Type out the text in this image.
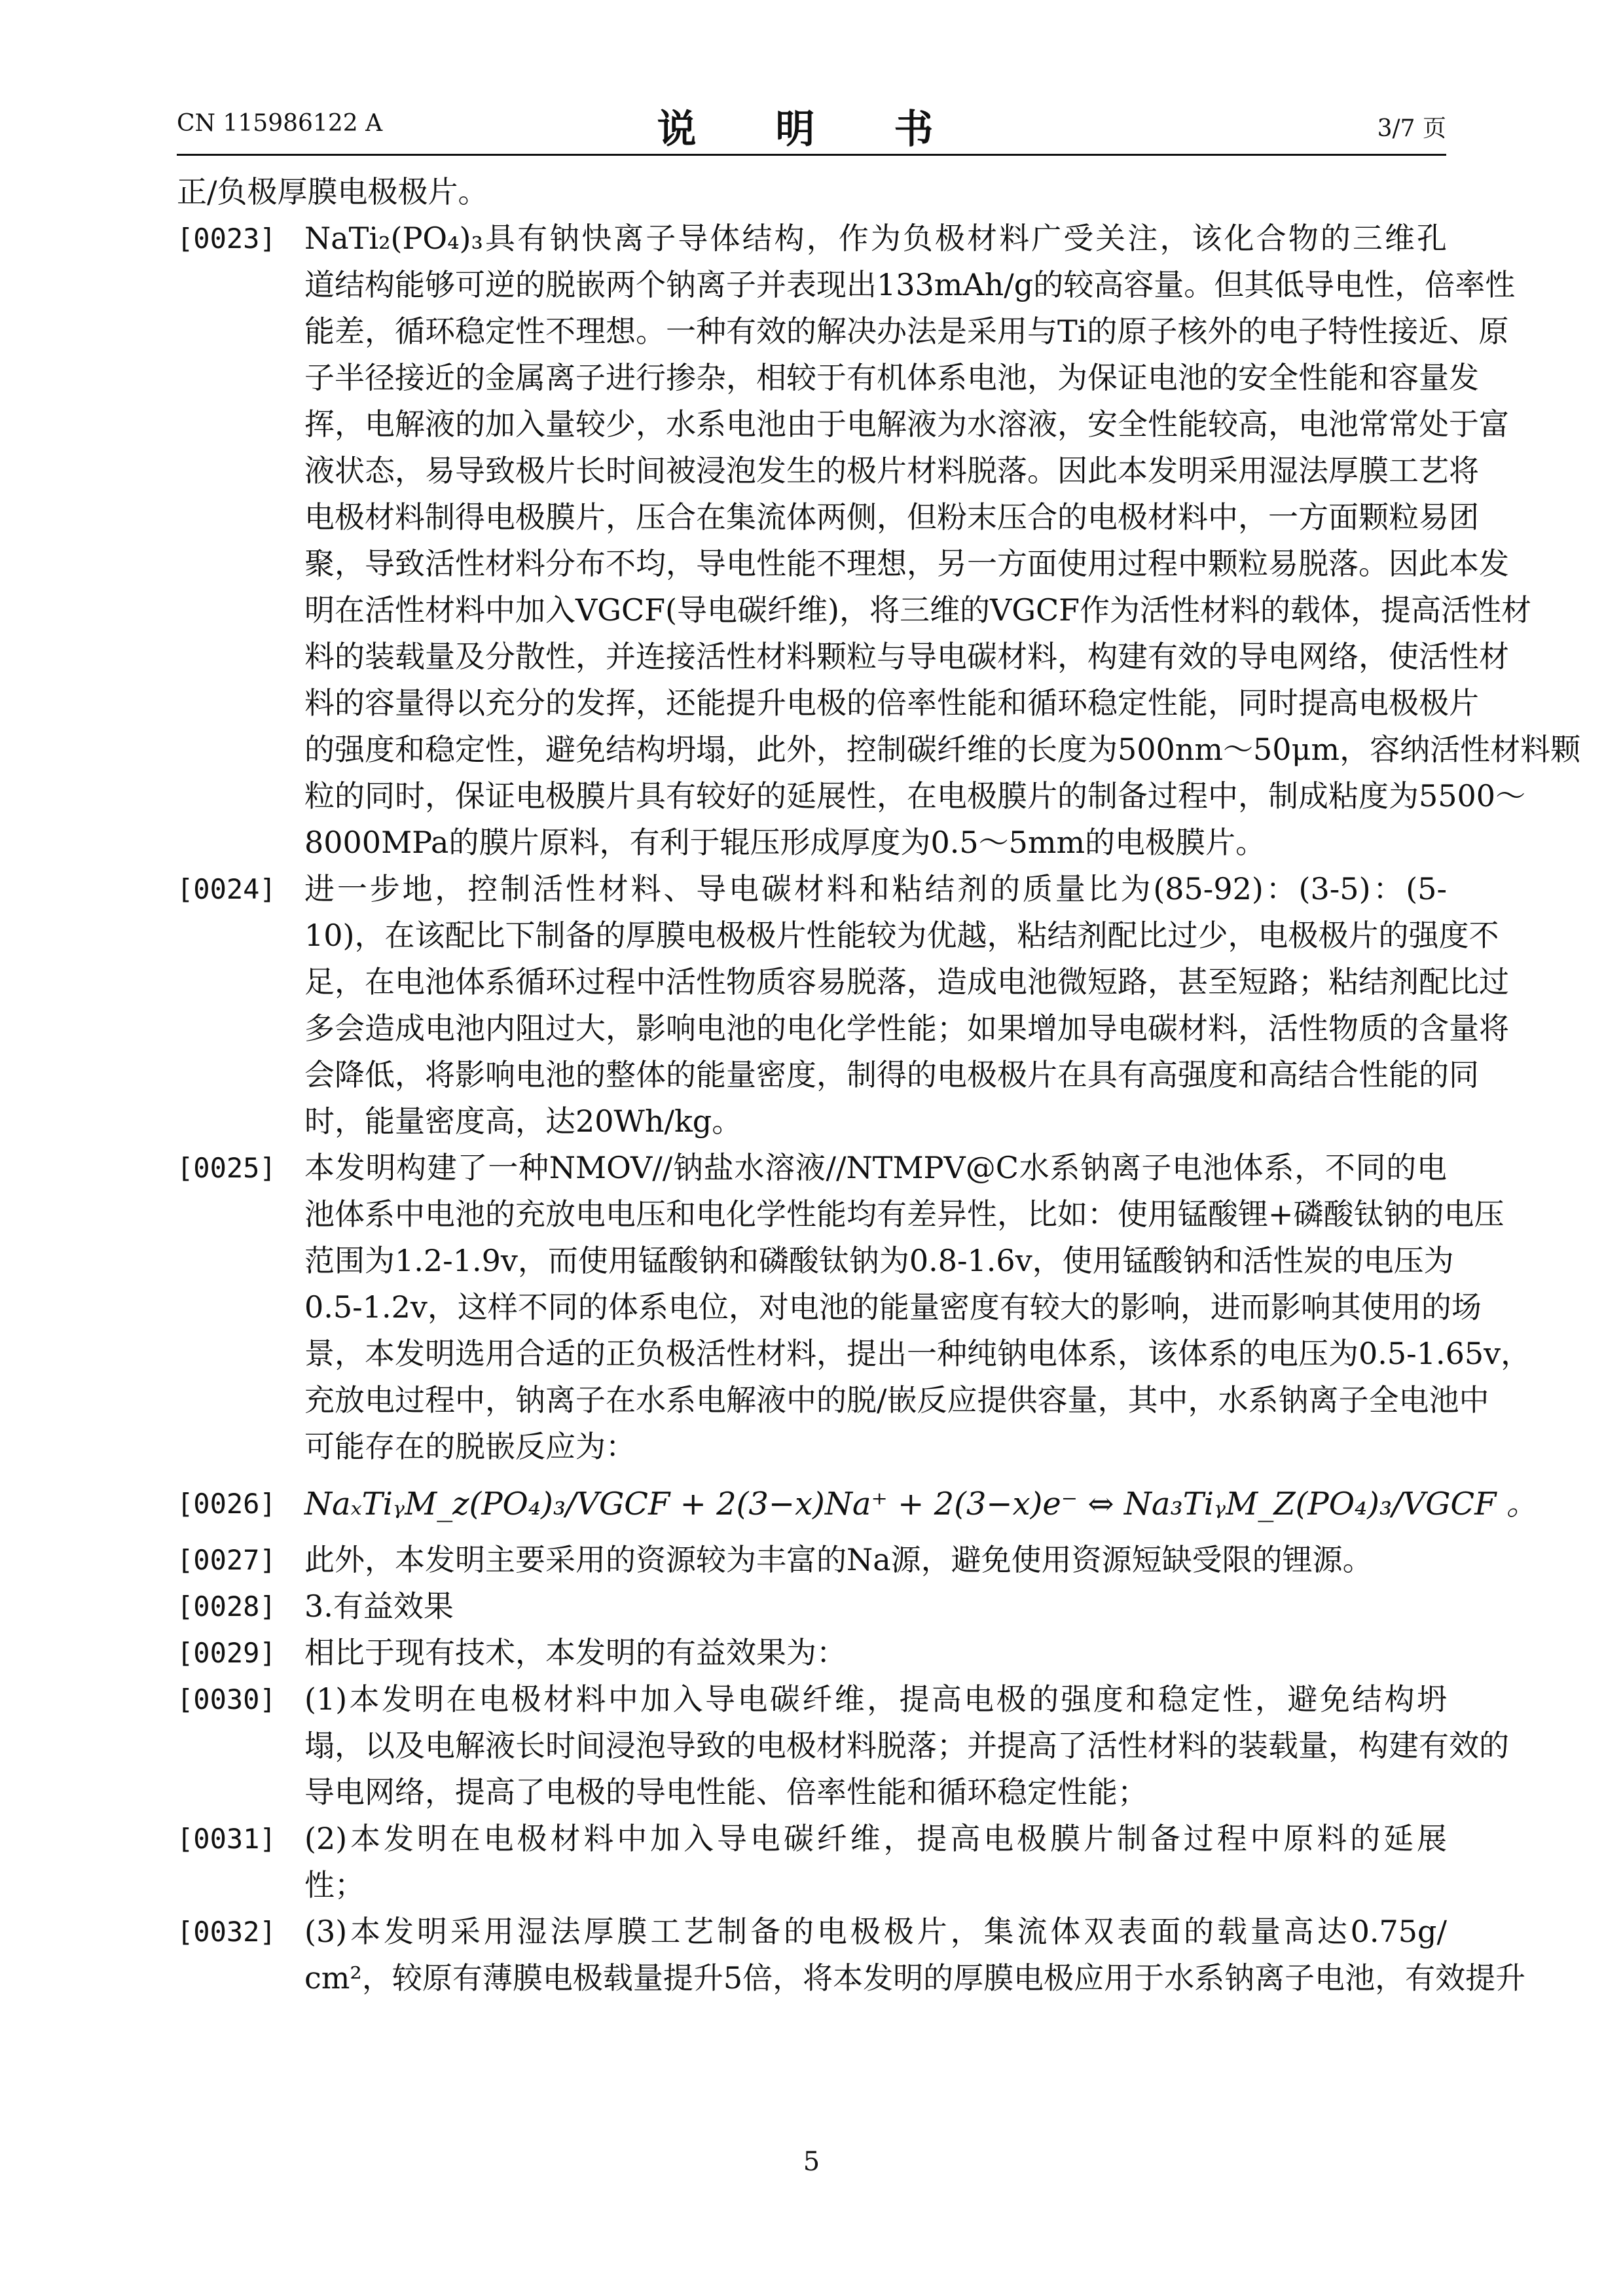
CN 115986122 A	说 明 书	3/7 页
正/负极厚膜电极极片。
[0023] NaTi₂(PO₄)₃具有钠快离子导体结构，作为负极材料广受关注，该化合物的三维孔
道结构能够可逆的脱嵌两个钠离子并表现出133mAh/g的较高容量。但其低导电性，倍率性
能差，循环稳定性不理想。一种有效的解决办法是采用与Ti的原子核外的电子特性接近、原
子半径接近的金属离子进行掺杂，相较于有机体系电池，为保证电池的安全性能和容量发
挥，电解液的加入量较少，水系电池由于电解液为水溶液，安全性能较高，电池常常处于富
液状态，易导致极片长时间被浸泡发生的极片材料脱落。因此本发明采用湿法厚膜工艺将
电极材料制得电极膜片，压合在集流体两侧，但粉末压合的电极材料中，一方面颗粒易团
聚，导致活性材料分布不均，导电性能不理想，另一方面使用过程中颗粒易脱落。因此本发
明在活性材料中加入VGCF(导电碳纤维)，将三维的VGCF作为活性材料的载体，提高活性材
料的装载量及分散性，并连接活性材料颗粒与导电碳材料，构建有效的导电网络，使活性材
料的容量得以充分的发挥，还能提升电极的倍率性能和循环稳定性能，同时提高电极极片
的强度和稳定性，避免结构坍塌，此外，控制碳纤维的长度为500nm～50μm，容纳活性材料颗
粒的同时，保证电极膜片具有较好的延展性，在电极膜片的制备过程中，制成粘度为5500～
8000MPa的膜片原料，有利于辊压形成厚度为0.5～5mm的电极膜片。
[0024] 进一步地，控制活性材料、导电碳材料和粘结剂的质量比为(85-92)：(3-5)：(5-
10)，在该配比下制备的厚膜电极极片性能较为优越，粘结剂配比过少，电极极片的强度不
足，在电池体系循环过程中活性物质容易脱落，造成电池微短路，甚至短路；粘结剂配比过
多会造成电池内阻过大，影响电池的电化学性能；如果增加导电碳材料，活性物质的含量将
会降低，将影响电池的整体的能量密度，制得的电极极片在具有高强度和高结合性能的同
时，能量密度高，达20Wh/kg。
[0025] 本发明构建了一种NMOV//钠盐水溶液//NTMPV@C水系钠离子电池体系，不同的电
池体系中电池的充放电电压和电化学性能均有差异性，比如：使用锰酸锂+磷酸钛钠的电压
范围为1.2-1.9v，而使用锰酸钠和磷酸钛钠为0.8-1.6v，使用锰酸钠和活性炭的电压为
0.5-1.2v，这样不同的体系电位，对电池的能量密度有较大的影响，进而影响其使用的场
景，本发明选用合适的正负极活性材料，提出一种纯钠电体系，该体系的电压为0.5-1.65v，
充放电过程中，钠离子在水系电解液中的脱/嵌反应提供容量，其中，水系钠离子全电池中
可能存在的脱嵌反应为：
[0026] NaₓTiᵧM_z(PO₄)₃/VGCF + 2(3−x)Na⁺ + 2(3−x)e⁻ ⇔ Na₃TiᵧM_Z(PO₄)₃/VGCF 。
[0027] 此外，本发明主要采用的资源较为丰富的Na源，避免使用资源短缺受限的锂源。
[0028] 3.有益效果
[0029] 相比于现有技术，本发明的有益效果为：
[0030] (1)本发明在电极材料中加入导电碳纤维，提高电极的强度和稳定性，避免结构坍
塌，以及电解液长时间浸泡导致的电极材料脱落；并提高了活性材料的装载量，构建有效的
导电网络，提高了电极的导电性能、倍率性能和循环稳定性能；
[0031] (2)本发明在电极材料中加入导电碳纤维，提高电极膜片制备过程中原料的延展
性；
[0032] (3)本发明采用湿法厚膜工艺制备的电极极片，集流体双表面的载量高达0.75g/
cm²，较原有薄膜电极载量提升5倍，将本发明的厚膜电极应用于水系钠离子电池，有效提升
5
